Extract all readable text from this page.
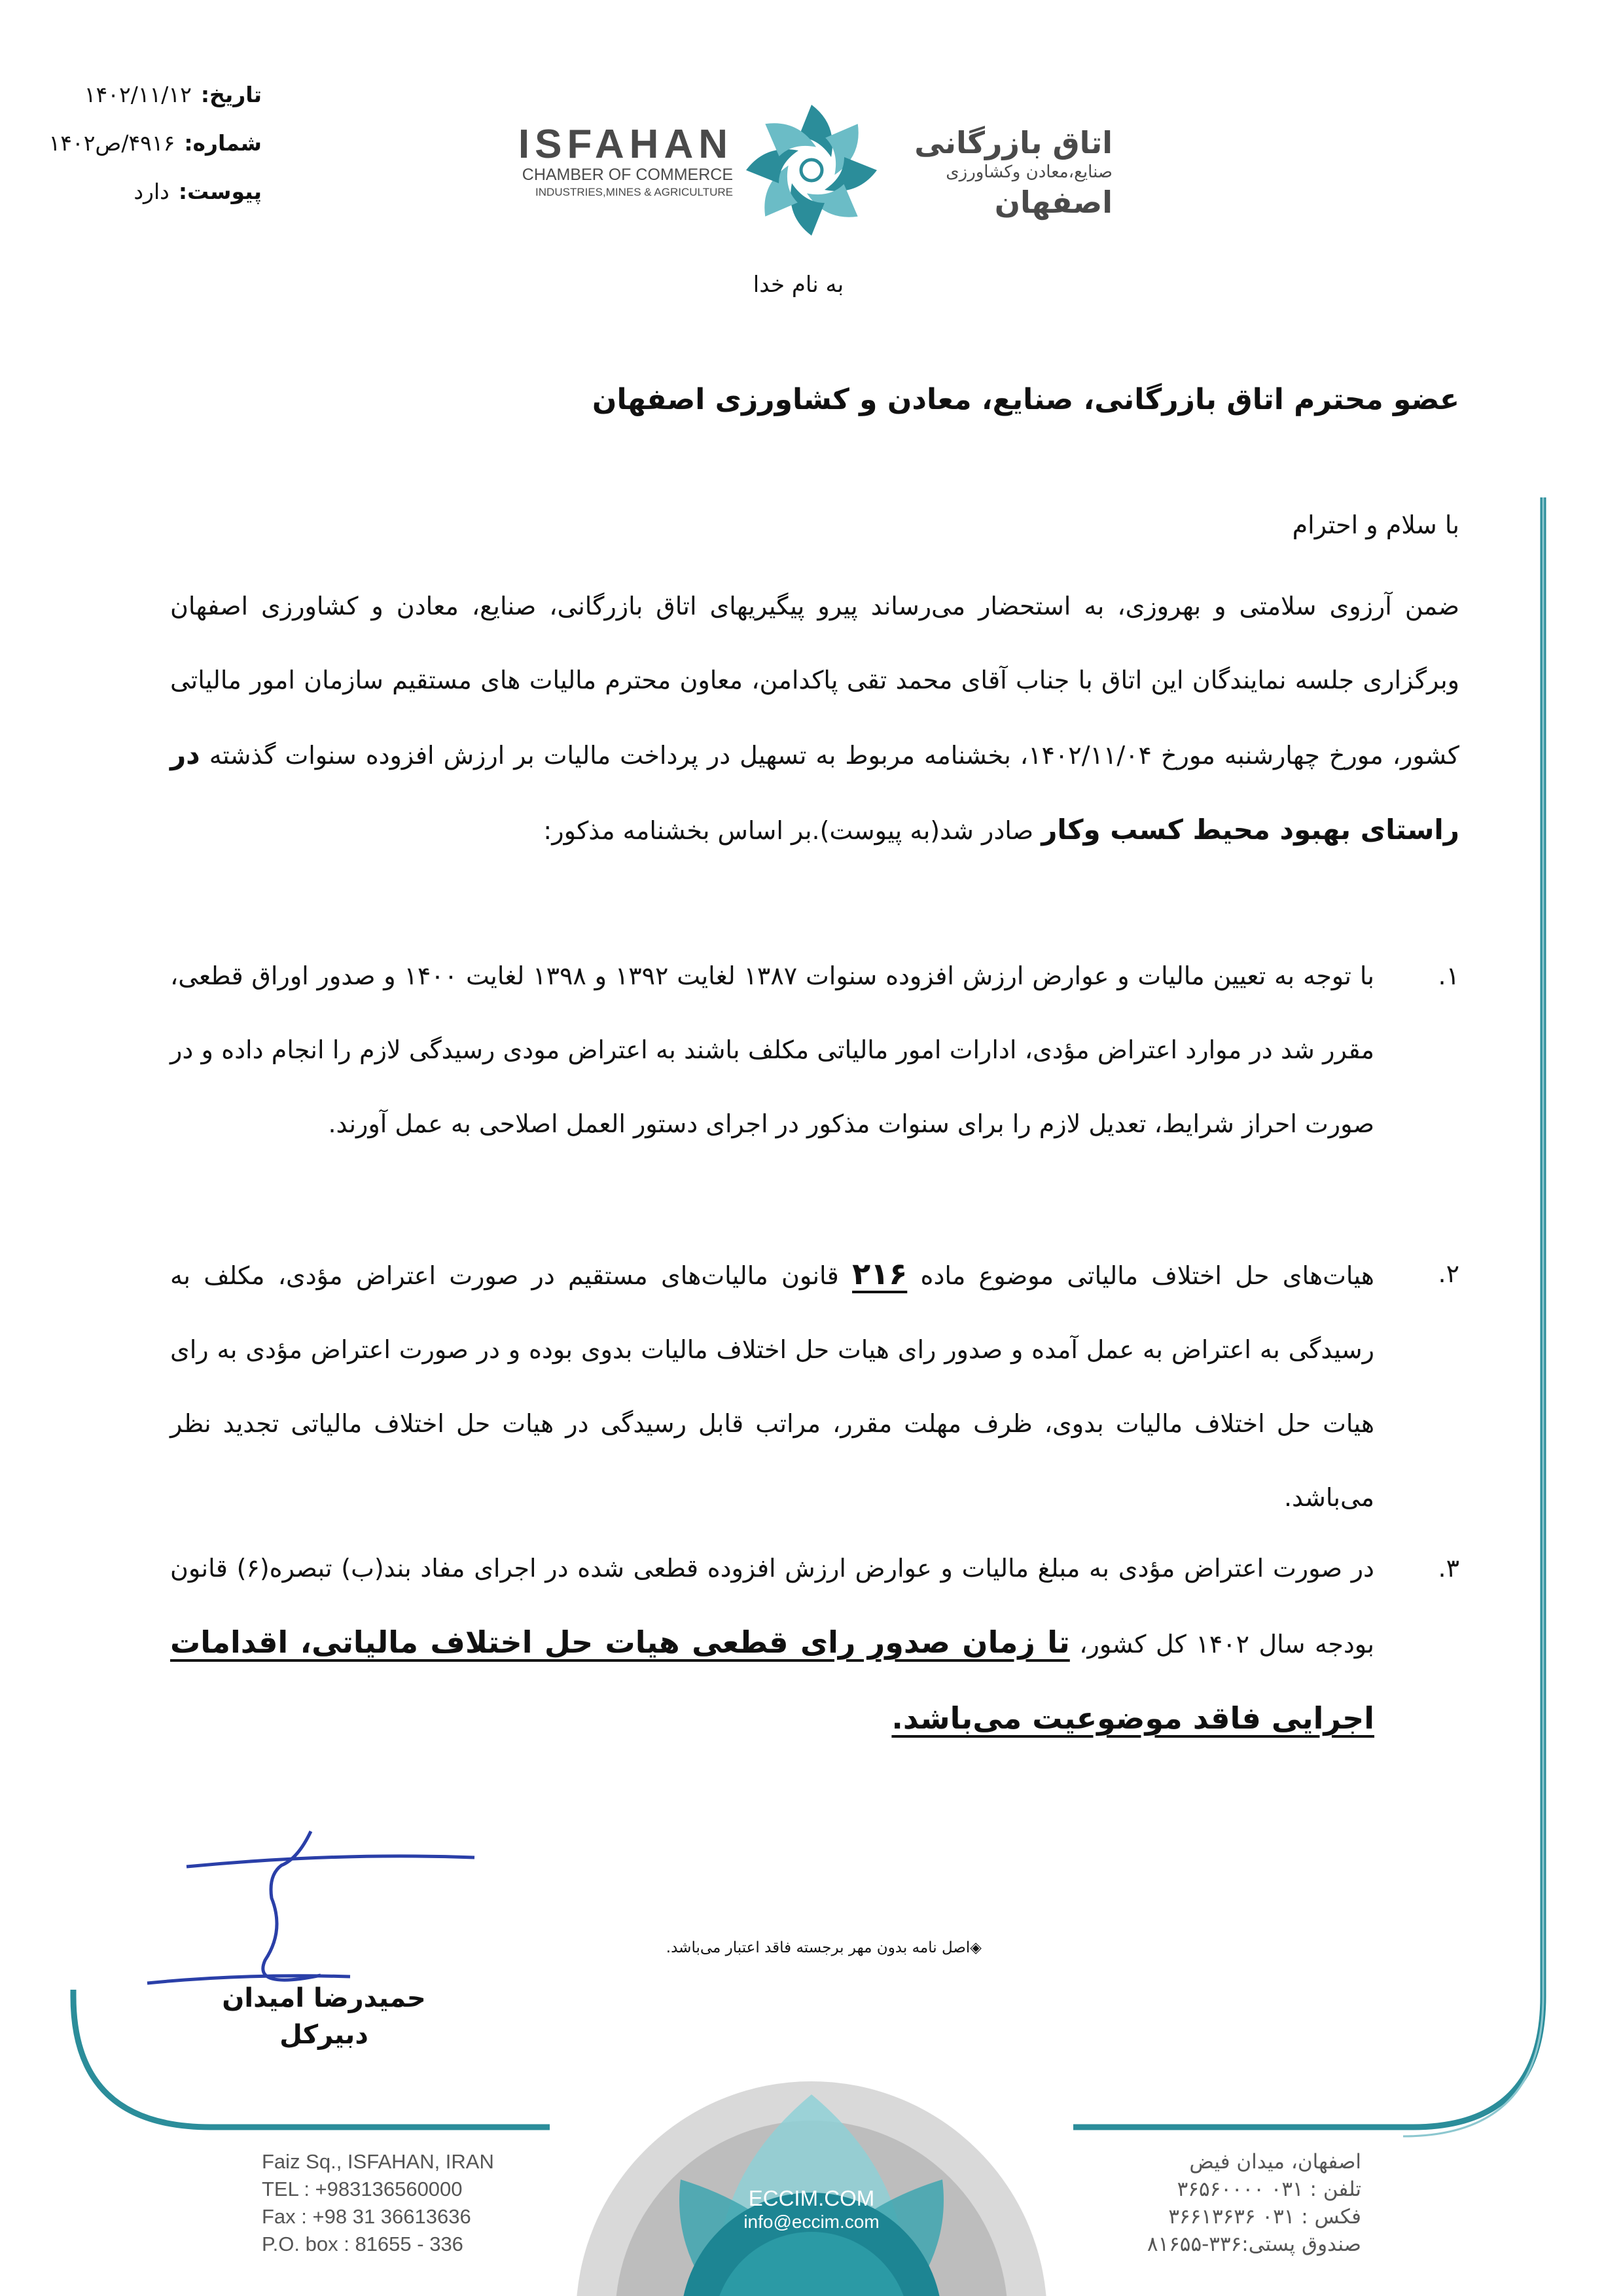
تاریخ:
۱۴۰۲/۱۱/۱۲
شماره:
۴۹۱۶/ص۱۴۰۲
پیوست:
دارد
ISFAHAN
CHAMBER OF COMMERCE
INDUSTRIES,MINES & AGRICULTURE
اتاق بازرگانی
صنایع،معادن وکشاورزی
اصفهان
به نام خدا
عضو محترم اتاق بازرگانی، صنایع، معادن و کشاورزی اصفهان
با سلام و احترام
ضمن آرزوی سلامتی و بهروزی، به استحضار می‌رساند پیرو پیگیریهای اتاق بازرگانی، صنایع، معادن و کشاورزی اصفهان وبرگزاری جلسه نمایندگان این اتاق با جناب آقای محمد تقی پاکدامن، معاون محترم مالیات های مستقیم سازمان امور مالیاتی کشور، مورخ چهارشنبه مورخ ۱۴۰۲/۱۱/۰۴، بخشنامه مربوط به تسهیل در پرداخت مالیات بر ارزش افزوده سنوات گذشته در راستای بهبود محیط کسب وکار صادر شد(به پیوست).بر اساس بخشنامه مذکور:
۱.
با توجه به تعیین مالیات و عوارض ارزش افزوده سنوات ۱۳۸۷ لغایت ۱۳۹۲ و ۱۳۹۸ لغایت ۱۴۰۰ و صدور اوراق قطعی، مقرر شد در موارد اعتراض مؤدی، ادارات امور مالیاتی مکلف باشند به اعتراض مودی رسیدگی لازم را انجام داده و در صورت احراز شرایط، تعدیل لازم را برای سنوات مذکور در اجرای دستور العمل اصلاحی به عمل آورند.
۲.
هیات‌های حل اختلاف مالیاتی موضوع ماده ۲۱۶ قانون مالیات‌های مستقیم در صورت اعتراض مؤدی، مکلف به رسیدگی به اعتراض به عمل آمده و صدور رای هیات حل اختلاف مالیات بدوی بوده و در صورت اعتراض مؤدی به رای هیات حل اختلاف مالیات بدوی، ظرف مهلت مقرر، مراتب قابل رسیدگی در هیات حل اختلاف مالیاتی تجدید نظر می‌باشد.
۳.
در صورت اعتراض مؤدی به مبلغ مالیات و عوارض ارزش افزوده قطعی شده در اجرای مفاد بند(ب) تبصره(۶) قانون بودجه سال ۱۴۰۲ کل کشور، تا زمان صدور رای قطعی هیات حل اختلاف مالیاتی، اقدامات اجرایی فاقد موضوعیت می‌باشد.
حمیدرضا امیدان
دبیرکل
◈اصل نامه بدون مهر برجسته فاقد اعتبار می‌باشد.
Faiz Sq., ISFAHAN, IRAN
TEL : +983136560000
Fax : +98 31 36613636
P.O. box : 81655 - 336
اصفهان، میدان فیض
تلفن : ۰۳۱ ۳۶۵۶۰۰۰۰
فکس : ۰۳۱ ۳۶۶۱۳۶۳۶
صندوق پستی:۳۳۶-۸۱۶۵۵
ECCIM.COM
info@eccim.com
